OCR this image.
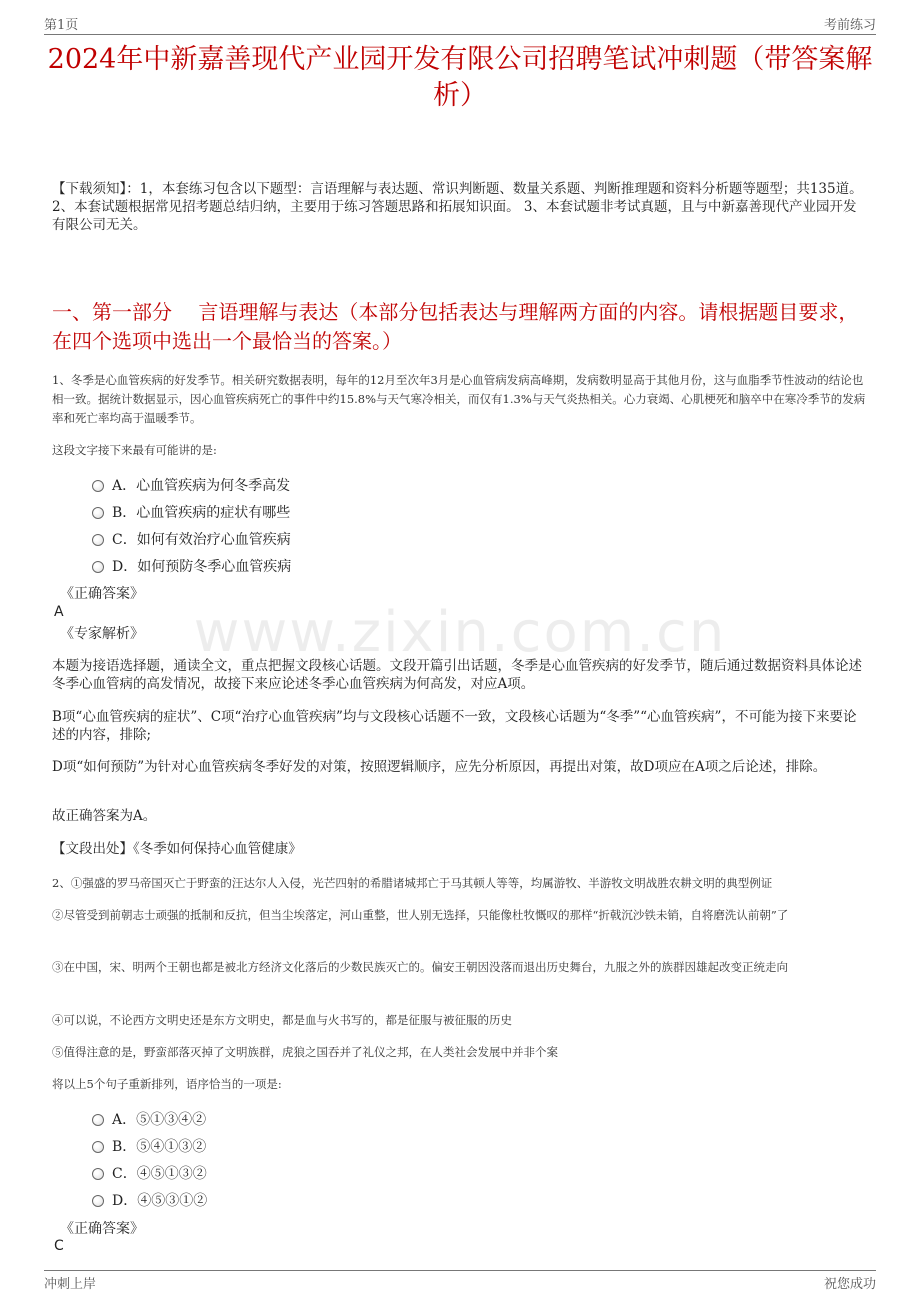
第1页	考前练习
2024年中新嘉善现代产业园开发有限公司招聘笔试冲刺题（带答案解析）
【下载须知】：1，本套练习包含以下题型：言语理解与表达题、常识判断题、数量关系题、判断推理题和资料分析题等题型；共135道。 2、本套试题根据常见招考题总结归纳，主要用于练习答题思路和拓展知识面。 3、本套试题非考试真题，且与中新嘉善现代产业园开发有限公司无关。
一、第一部分　 言语理解与表达（本部分包括表达与理解两方面的内容。请根据题目要求，在四个选项中选出一个最恰当的答案。）
1、冬季是心血管疾病的好发季节。相关研究数据表明，每年的12月至次年3月是心血管病发病高峰期，发病数明显高于其他月份，这与血脂季节性波动的结论也相一致。据统计数据显示，因心血管疾病死亡的事件中约15.8%与天气寒冷相关，而仅有1.3%与天气炎热相关。心力衰竭、心肌梗死和脑卒中在寒冷季节的发病率和死亡率均高于温暖季节。
这段文字接下来最有可能讲的是:
A．心血管疾病为何冬季高发
B．心血管疾病的症状有哪些
C．如何有效治疗心血管疾病
D．如何预防冬季心血管疾病
《正确答案》
A
《专家解析》
本题为接语选择题，通读全文，重点把握文段核心话题。文段开篇引出话题，冬季是心血管疾病的好发季节，随后通过数据资料具体论述冬季心血管病的高发情况，故接下来应论述冬季心血管疾病为何高发，对应A项。
B项“心血管疾病的症状”、C项“治疗心血管疾病”均与文段核心话题不一致，文段核心话题为“冬季”“心血管疾病”，不可能为接下来要论述的内容，排除;
D项“如何预防”为针对心血管疾病冬季好发的对策，按照逻辑顺序，应先分析原因，再提出对策，故D项应在A项之后论述，排除。
故正确答案为A。
【文段出处】《冬季如何保持心血管健康》
www.zixin.com.cn
2、①强盛的罗马帝国灭亡于野蛮的汪达尔人入侵，光芒四射的希腊诸城邦亡于马其顿人等等，均属游牧、半游牧文明战胜农耕文明的典型例证
②尽管受到前朝志士顽强的抵制和反抗，但当尘埃落定，河山重整，世人别无选择，只能像杜牧慨叹的那样“折戟沉沙铁未销，自将磨洗认前朝”了
③在中国，宋、明两个王朝也都是被北方经济文化落后的少数民族灭亡的。偏安王朝因没落而退出历史舞台，九服之外的族群因雄起改变正统走向
④可以说，不论西方文明史还是东方文明史，都是血与火书写的，都是征服与被征服的历史
⑤值得注意的是，野蛮部落灭掉了文明族群，虎狼之国吞并了礼仪之邦，在人类社会发展中并非个案
将以上5个句子重新排列，语序恰当的一项是:
A．⑤①③④②
B．⑤④①③②
C．④⑤①③②
D．④⑤③①②
《正确答案》
C
冲刺上岸	祝您成功
